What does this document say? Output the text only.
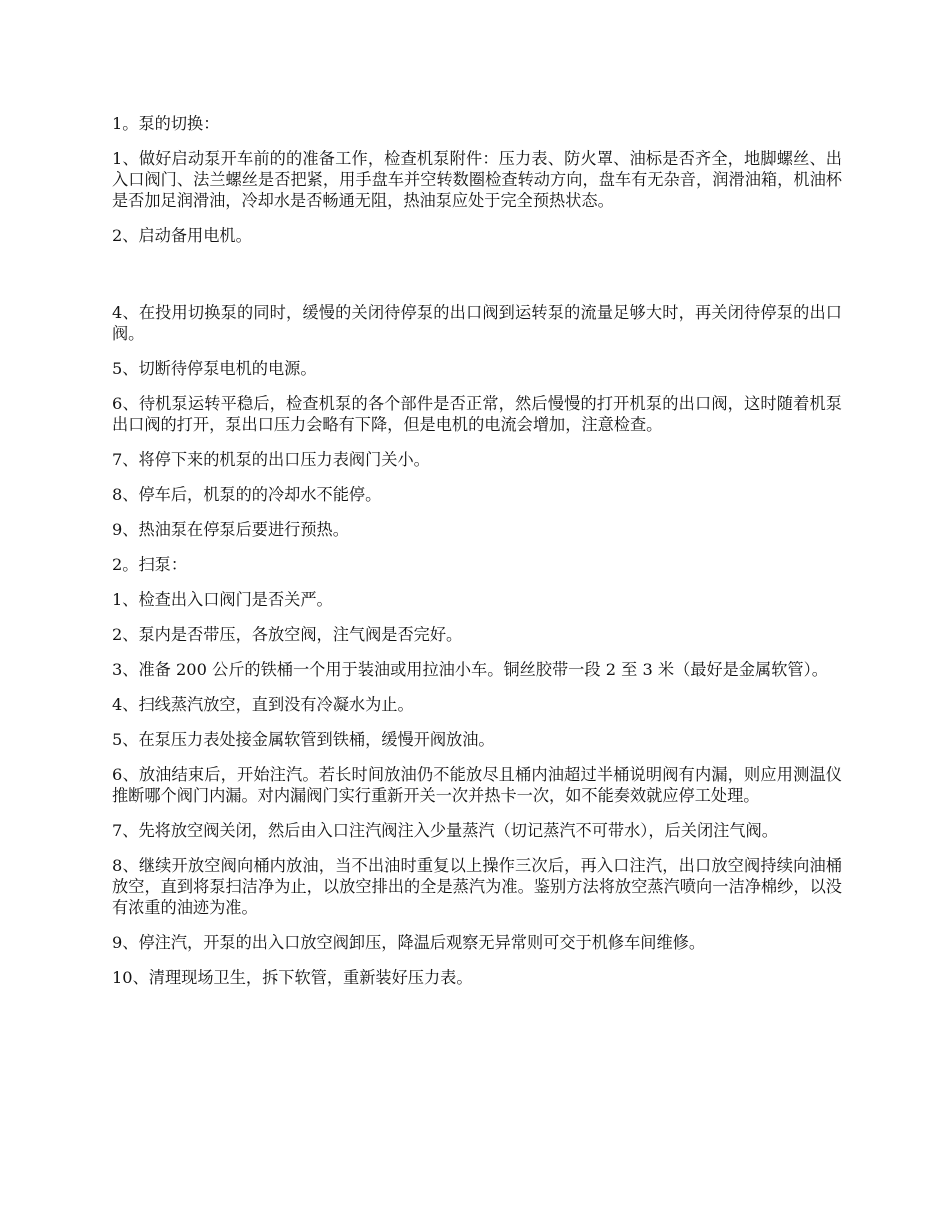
1。泵的切换：

1、做好启动泵开车前的的准备工作，检查机泵附件：压力表、防火罩、油标是否齐全，地脚螺丝、出入口阀门、法兰螺丝是否把紧，用手盘车并空转数圈检查转动方向，盘车有无杂音，润滑油箱，机油杯是否加足润滑油，冷却水是否畅通无阻，热油泵应处于完全预热状态。

2、启动备用电机。

4、在投用切换泵的同时，缓慢的关闭待停泵的出口阀到运转泵的流量足够大时，再关闭待停泵的出口阀。

5、切断待停泵电机的电源。

6、待机泵运转平稳后，检查机泵的各个部件是否正常，然后慢慢的打开机泵的出口阀，这时随着机泵出口阀的打开，泵出口压力会略有下降，但是电机的电流会增加，注意检查。

7、将停下来的机泵的出口压力表阀门关小。

8、停车后，机泵的的冷却水不能停。

9、热油泵在停泵后要进行预热。

2。扫泵：

1、检查出入口阀门是否关严。

2、泵内是否带压，各放空阀，注气阀是否完好。

3、准备 200 公斤的铁桶一个用于装油或用拉油小车。铜丝胶带一段 2 至 3 米（最好是金属软管）。

4、扫线蒸汽放空，直到没有冷凝水为止。

5、在泵压力表处接金属软管到铁桶，缓慢开阀放油。

6、放油结束后，开始注汽。若长时间放油仍不能放尽且桶内油超过半桶说明阀有内漏，则应用测温仪推断哪个阀门内漏。对内漏阀门实行重新开关一次并热卡一次，如不能奏效就应停工处理。

7、先将放空阀关闭，然后由入口注汽阀注入少量蒸汽（切记蒸汽不可带水），后关闭注气阀。

8、继续开放空阀向桶内放油，当不出油时重复以上操作三次后，再入口注汽，出口放空阀持续向油桶放空，直到将泵扫洁净为止，以放空排出的全是蒸汽为准。鉴别方法将放空蒸汽喷向一洁净棉纱，以没有浓重的油迹为准。

9、停注汽，开泵的出入口放空阀卸压，降温后观察无异常则可交于机修车间维修。

10、清理现场卫生，拆下软管，重新装好压力表。
